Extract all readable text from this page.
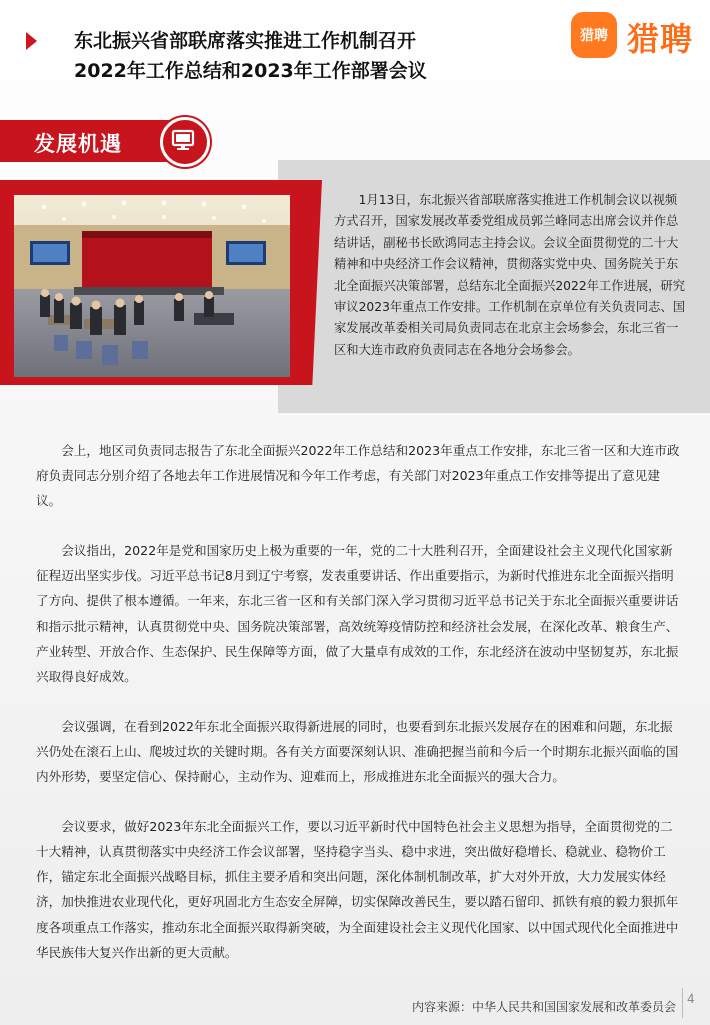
东北振兴省部联席落实推进工作机制召开
2022年工作总结和2023年工作部署会议
猎聘 猎聘
发展机遇

1月13日，东北振兴省部联席落实推进工作机制会议以视频方式召开，国家发展改革委党组成员郭兰峰同志出席会议并作总结讲话，副秘书长欧鸿同志主持会议。会议全面贯彻党的二十大精神和中央经济工作会议精神，贯彻落实党中央、国务院关于东北全面振兴决策部署，总结东北全面振兴2022年工作进展，研究审议2023年重点工作安排。工作机制在京单位有关负责同志、国家发展改革委相关司局负责同志在北京主会场参会，东北三省一区和大连市政府负责同志在各地分会场参会。

会上，地区司负责同志报告了东北全面振兴2022年工作总结和2023年重点工作安排，东北三省一区和大连市政府负责同志分别介绍了各地去年工作进展情况和今年工作考虑，有关部门对2023年重点工作安排等提出了意见建议。

会议指出，2022年是党和国家历史上极为重要的一年，党的二十大胜利召开，全面建设社会主义现代化国家新征程迈出坚实步伐。习近平总书记8月到辽宁考察，发表重要讲话、作出重要指示，为新时代推进东北全面振兴指明了方向、提供了根本遵循。一年来，东北三省一区和有关部门深入学习贯彻习近平总书记关于东北全面振兴重要讲话和指示批示精神，认真贯彻党中央、国务院决策部署，高效统筹疫情防控和经济社会发展，在深化改革、粮食生产、产业转型、开放合作、生态保护、民生保障等方面，做了大量卓有成效的工作，东北经济在波动中坚韧复苏，东北振兴取得良好成效。

会议强调，在看到2022年东北全面振兴取得新进展的同时，也要看到东北振兴发展存在的困难和问题，东北振兴仍处在滚石上山、爬坡过坎的关键时期。各有关方面要深刻认识、准确把握当前和今后一个时期东北振兴面临的国内外形势，要坚定信心、保持耐心，主动作为、迎难而上，形成推进东北全面振兴的强大合力。

会议要求，做好2023年东北全面振兴工作，要以习近平新时代中国特色社会主义思想为指导，全面贯彻党的二十大精神，认真贯彻落实中央经济工作会议部署，坚持稳字当头、稳中求进，突出做好稳增长、稳就业、稳物价工作，锚定东北全面振兴战略目标，抓住主要矛盾和突出问题，深化体制机制改革，扩大对外开放，大力发展实体经济，加快推进农业现代化，更好巩固北方生态安全屏障，切实保障改善民生，要以踏石留印、抓铁有痕的毅力狠抓年度各项重点工作落实，推动东北全面振兴取得新突破，为全面建设社会主义现代化国家、以中国式现代化全面推进中华民族伟大复兴作出新的更大贡献。

内容来源：中华人民共和国国家发展和改革委员会
4
